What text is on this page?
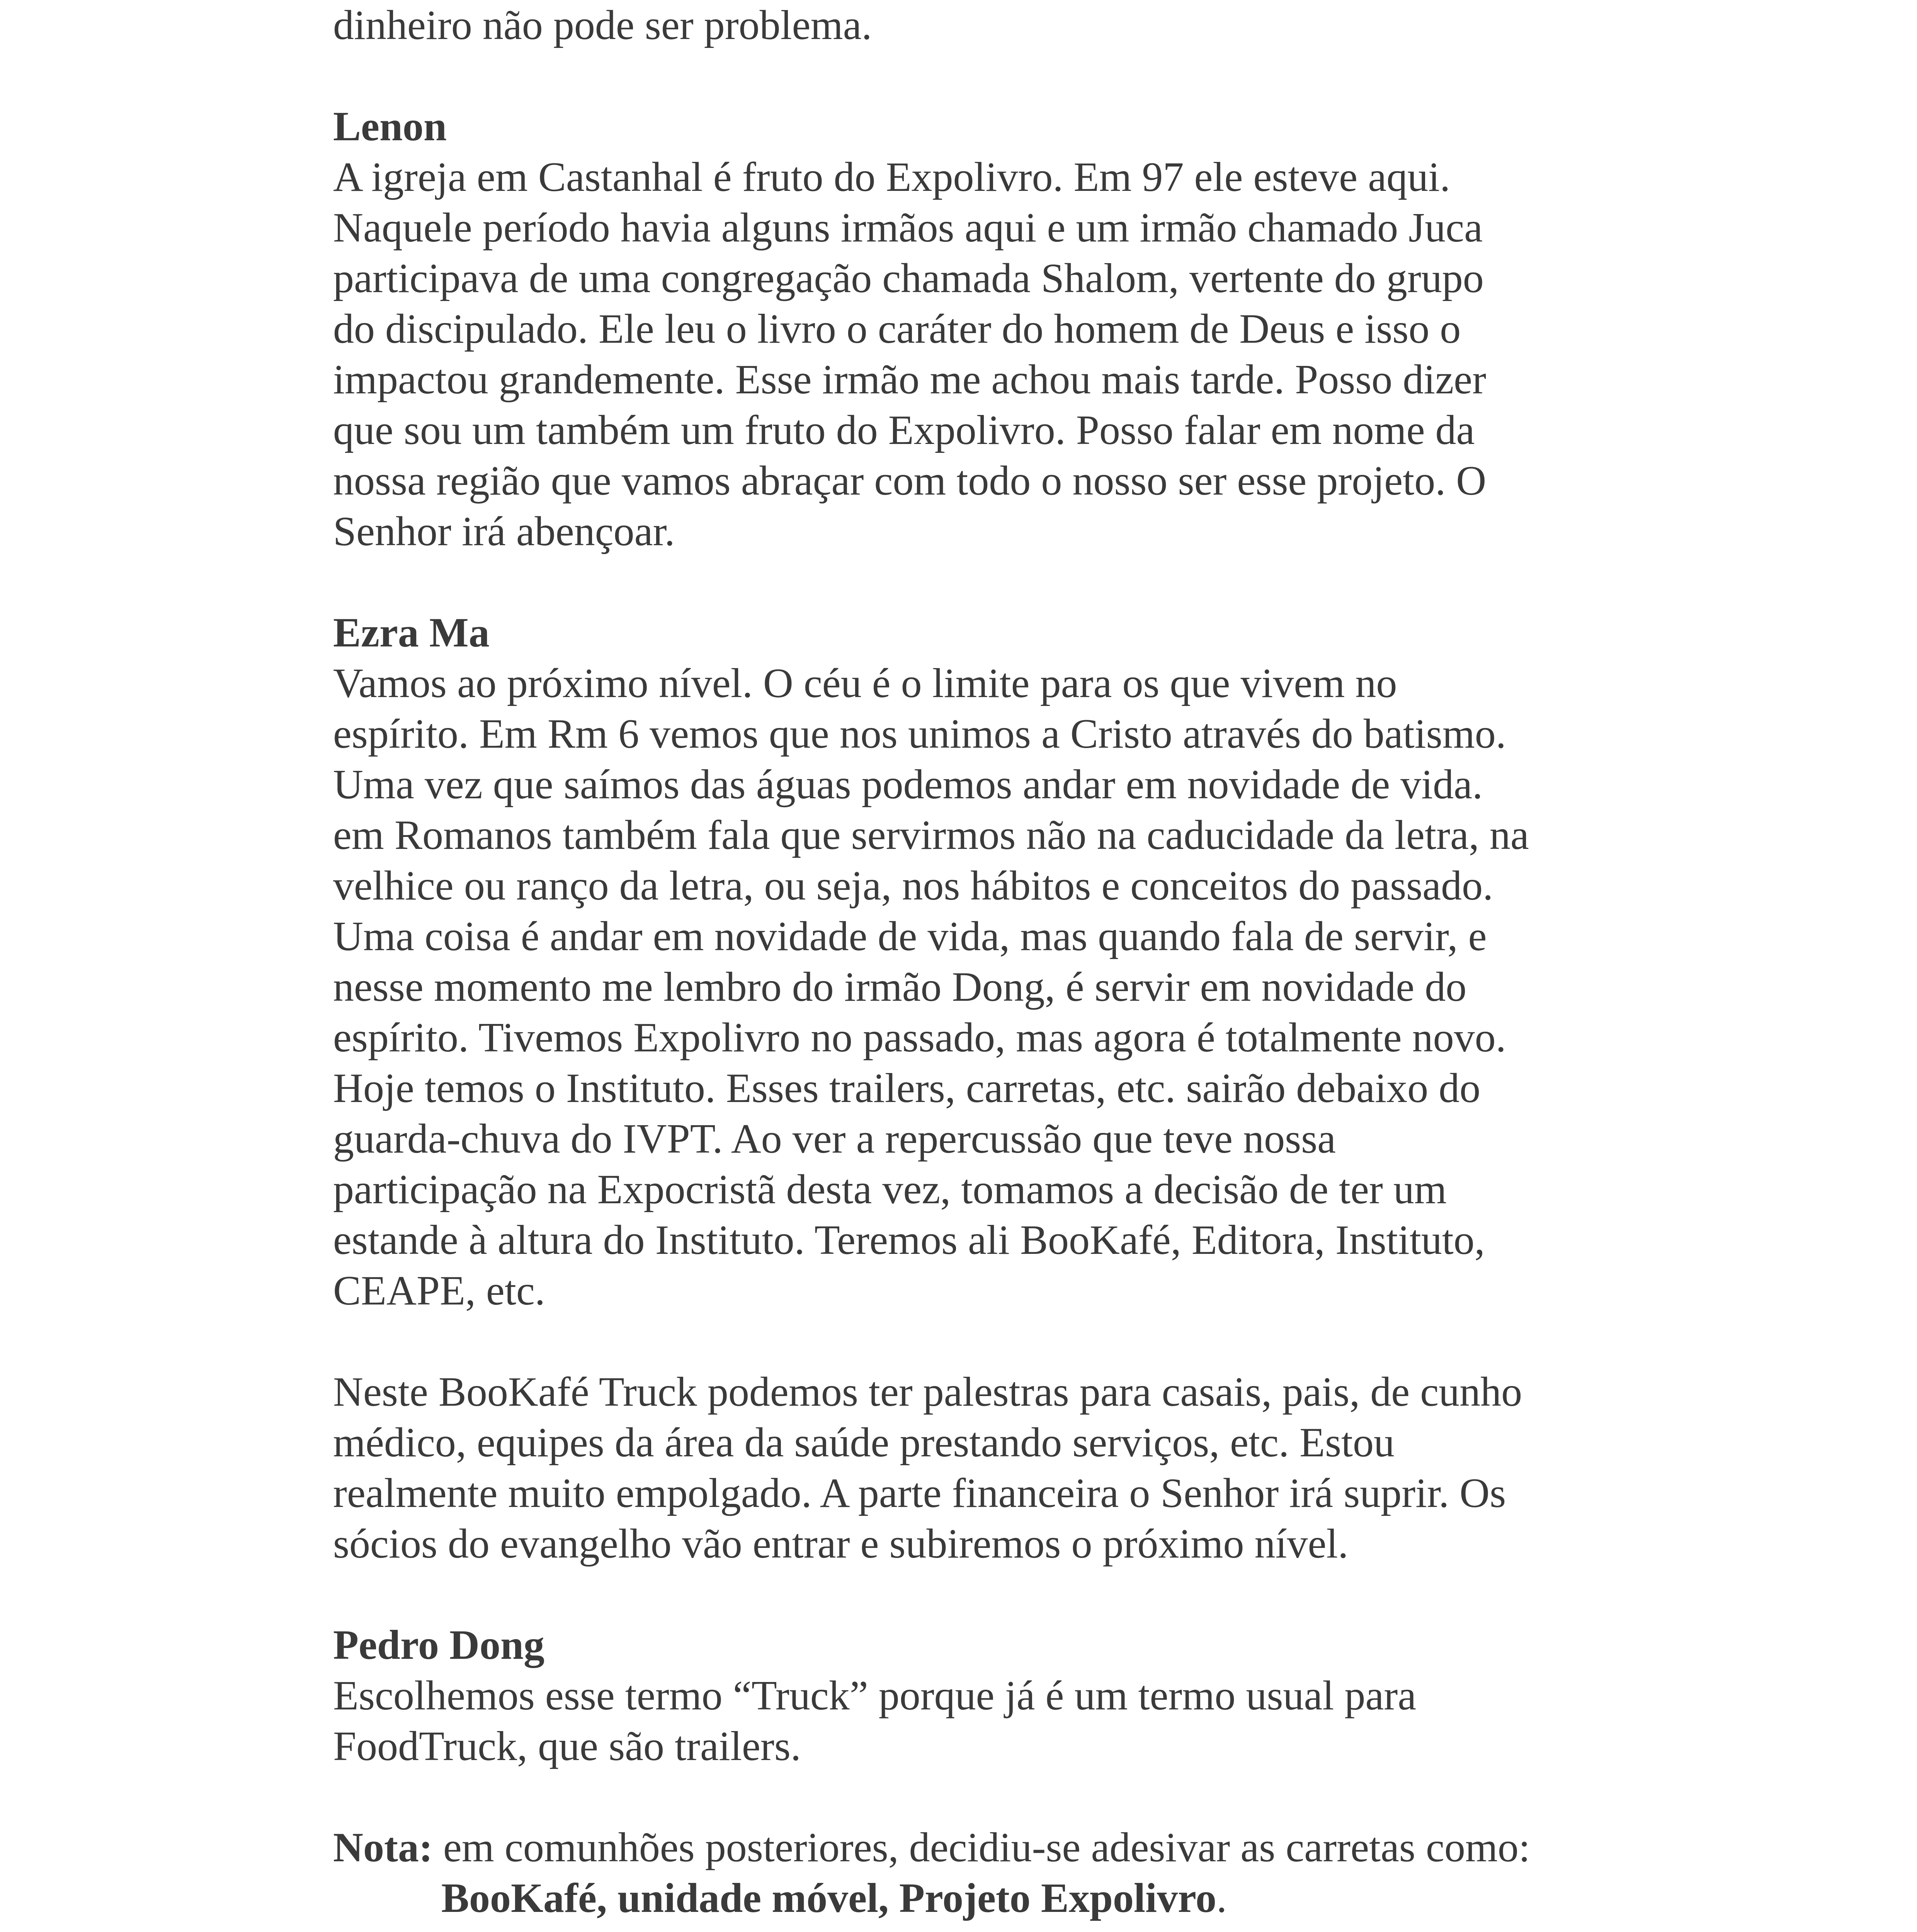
dinheiro não pode ser problema.
Lenon
A igreja em Castanhal é fruto do Expolivro. Em 97 ele esteve aqui.
Naquele período havia alguns irmãos aqui e um irmão chamado Juca
participava de uma congregação chamada Shalom, vertente do grupo
do discipulado. Ele leu o livro o caráter do homem de Deus e isso o
impactou grandemente. Esse irmão me achou mais tarde. Posso dizer
que sou um também um fruto do Expolivro. Posso falar em nome da
nossa região que vamos abraçar com todo o nosso ser esse projeto. O
Senhor irá abençoar.
Ezra Ma
Vamos ao próximo nível. O céu é o limite para os que vivem no
espírito. Em Rm 6 vemos que nos unimos a Cristo através do batismo.
Uma vez que saímos das águas podemos andar em novidade de vida.
em Romanos também fala que servirmos não na caducidade da letra, na
velhice ou ranço da letra, ou seja, nos hábitos e conceitos do passado.
Uma coisa é andar em novidade de vida, mas quando fala de servir, e
nesse momento me lembro do irmão Dong, é servir em novidade do
espírito. Tivemos Expolivro no passado, mas agora é totalmente novo.
Hoje temos o Instituto. Esses trailers, carretas, etc. sairão debaixo do
guarda-chuva do IVPT. Ao ver a repercussão que teve nossa
participação na Expocristã desta vez, tomamos a decisão de ter um
estande à altura do Instituto. Teremos ali BooKafé, Editora, Instituto,
CEAPE, etc.
Neste BooKafé Truck podemos ter palestras para casais, pais, de cunho
médico, equipes da área da saúde prestando serviços, etc. Estou
realmente muito empolgado. A parte financeira o Senhor irá suprir. Os
sócios do evangelho vão entrar e subiremos o próximo nível.
Pedro Dong
Escolhemos esse termo “Truck” porque já é um termo usual para
FoodTruck, que são trailers.
Nota: em comunhões posteriores, decidiu-se adesivar as carretas como:
BooKafé, unidade móvel, Projeto Expolivro.
